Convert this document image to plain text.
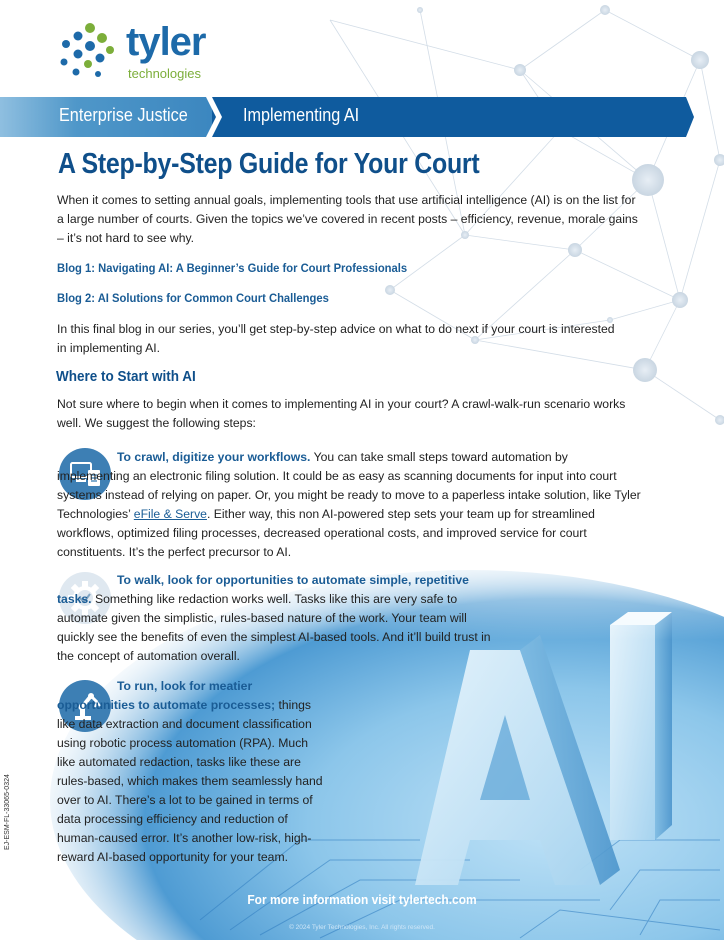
tyler
technologies
Enterprise Justice	Implementing AI
A Step-by-Step Guide for Your Court

When it comes to setting annual goals, implementing tools that use artificial intelligence (AI) is on the list for a large number of courts. Given the topics we’ve covered in recent posts – efficiency, revenue, morale gains – it’s not hard to see why.

Blog 1: Navigating AI: A Beginner’s Guide for Court Professionals
Blog 2: AI Solutions for Common Court Challenges

In this final blog in our series, you’ll get step-by-step advice on what to do next if your court is interested in implementing AI.

Where to Start with AI

Not sure where to begin when it comes to implementing AI in your court? A crawl-walk-run scenario works well. We suggest the following steps:

To crawl, digitize your workflows. You can take small steps toward automation by implementing an electronic filing solution. It could be as easy as scanning documents for input into court systems instead of relying on paper. Or, you might be ready to move to a paperless intake solution, like Tyler Technologies’ eFile & Serve. Either way, this non AI-powered step sets your team up for streamlined workflows, optimized filing processes, decreased operational costs, and improved service for court constituents. It’s the perfect precursor to AI.

To walk, look for opportunities to automate simple, repetitive tasks. Something like redaction works well. Tasks like this are very safe to automate given the simplistic, rules-based nature of the work. Your team will quickly see the benefits of even the simplest AI-based tools. And it’ll build trust in the concept of automation overall.

To run, look for meatier opportunities to automate processes; things like data extraction and document classification using robotic process automation (RPA). Much like automated redaction, tasks like these are rules-based, which makes them seamlessly hand over to AI. There’s a lot to be gained in terms of data processing efficiency and reduction of human-caused error. It’s another low-risk, high-reward AI-based opportunity for your team.

For more information visit tylertech.com
© 2024 Tyler Technologies, Inc. All rights reserved.
EJ-ESM-FL-33065-0324
